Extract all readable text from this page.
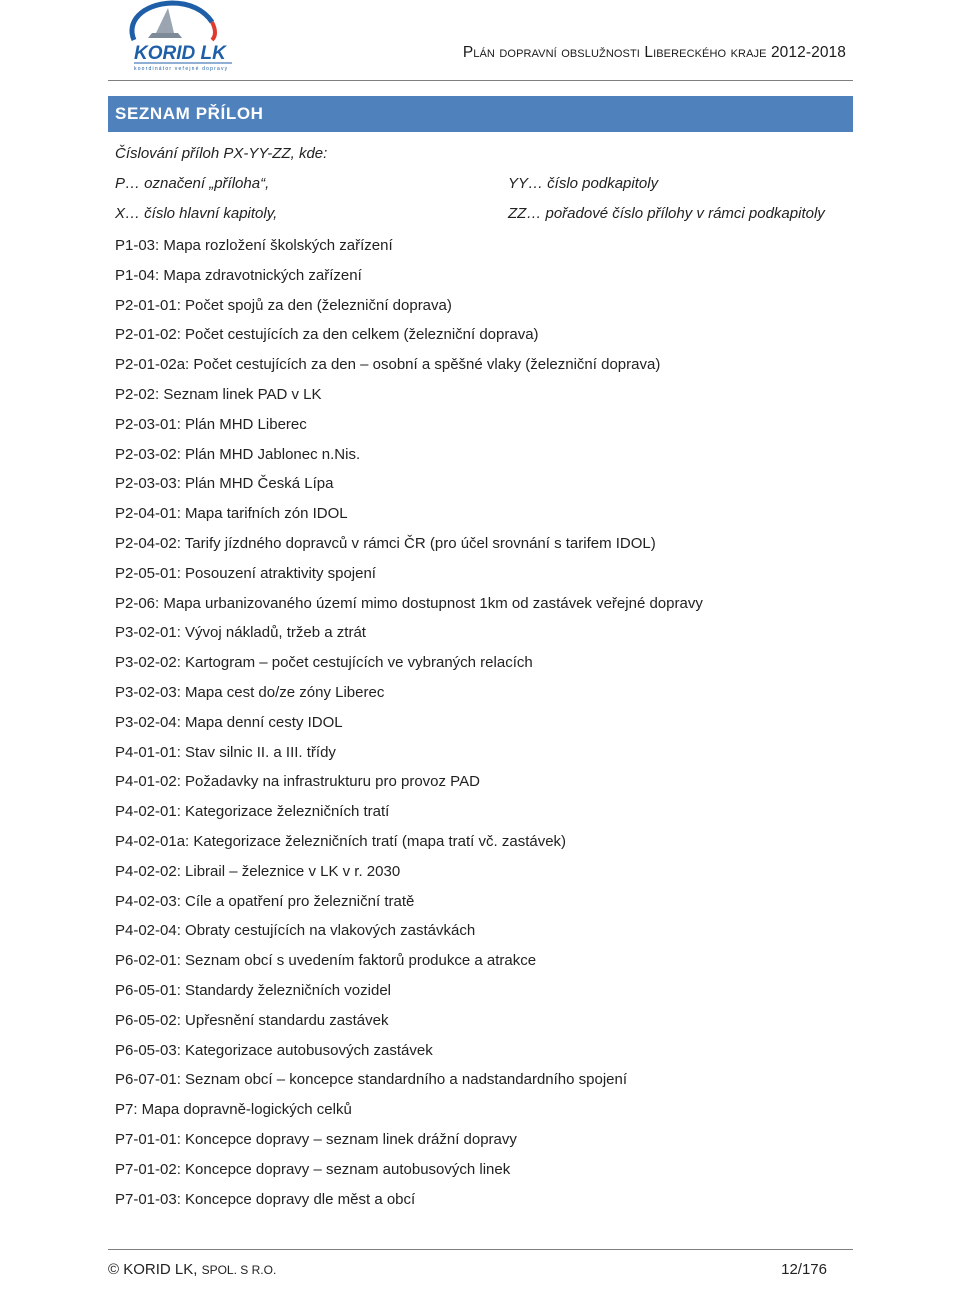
KORID LK
koordinátor veřejné dopravy
Plán dopravní obslužnosti Libereckého kraje 2012-2018
SEZNAM PŘÍLOH
Číslování příloh PX-YY-ZZ, kde:
P… označení „příloha“,
X… číslo hlavní kapitoly,
YY… číslo podkapitoly
ZZ… pořadové číslo přílohy v rámci podkapitoly
P1-03: Mapa rozložení školských zařízení
P1-04: Mapa zdravotnických zařízení
P2-01-01: Počet spojů za den (železniční doprava)
P2-01-02: Počet cestujících za den celkem (železniční doprava)
P2-01-02a: Počet cestujících za den – osobní a spěšné vlaky (železniční doprava)
P2-02: Seznam linek PAD v LK
P2-03-01: Plán MHD Liberec
P2-03-02: Plán MHD Jablonec n.Nis.
P2-03-03: Plán MHD Česká Lípa
P2-04-01: Mapa tarifních zón IDOL
P2-04-02: Tarify jízdného dopravců v rámci ČR (pro účel srovnání s tarifem IDOL)
P2-05-01: Posouzení atraktivity spojení
P2-06: Mapa urbanizovaného území mimo dostupnost 1km od zastávek veřejné dopravy
P3-02-01: Vývoj nákladů, tržeb a ztrát
P3-02-02: Kartogram – počet cestujících ve vybraných relacích
P3-02-03: Mapa cest do/ze zóny Liberec
P3-02-04: Mapa denní cesty IDOL
P4-01-01: Stav silnic II. a III. třídy
P4-01-02: Požadavky na infrastrukturu pro provoz PAD
P4-02-01: Kategorizace železničních tratí
P4-02-01a: Kategorizace železničních tratí (mapa tratí vč. zastávek)
P4-02-02: Librail – železnice v LK v r. 2030
P4-02-03: Cíle a opatření pro železniční tratě
P4-02-04: Obraty cestujících na vlakových zastávkách
P6-02-01: Seznam obcí s uvedením faktorů produkce a atrakce
P6-05-01: Standardy železničních vozidel
P6-05-02: Upřesnění standardu zastávek
P6-05-03: Kategorizace autobusových zastávek
P6-07-01: Seznam obcí – koncepce standardního a nadstandardního spojení
P7: Mapa dopravně-logických celků
P7-01-01: Koncepce dopravy – seznam linek drážní dopravy
P7-01-02: Koncepce dopravy – seznam autobusových linek
P7-01-03: Koncepce dopravy dle měst a obcí
© KORID LK, SPOL. S R.O.	12/176
